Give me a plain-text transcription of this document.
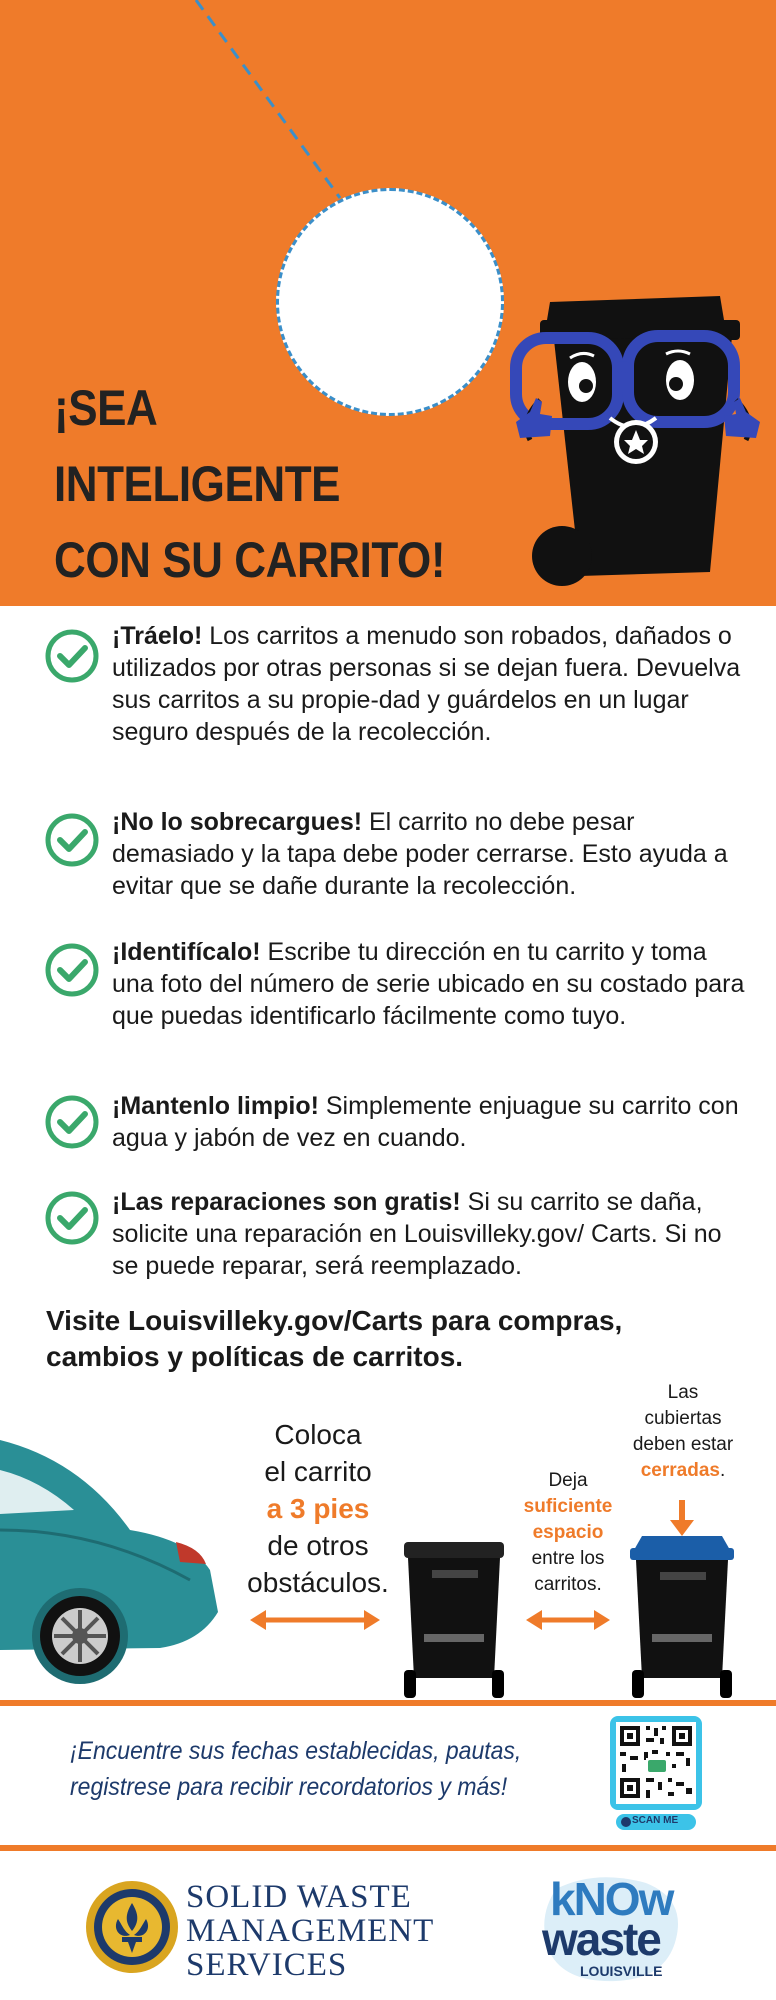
¡SEA
INTELIGENTE
CON SU CARRITO!
¡Tráelo! Los carritos a menudo son robados, dañados o utilizados por otras personas si se dejan fuera. Devuelva sus carritos a su propie-dad y guárdelos en un lugar seguro después de la recolección.
¡No lo sobrecargues! El carrito no debe pesar demasiado y la tapa debe poder cerrarse. Esto ayuda a evitar que se dañe durante la recolección.
¡Identifícalo! Escribe tu dirección en tu carrito y toma una foto del número de serie ubicado en su costado para que puedas identificarlo fácilmente como tuyo.
¡Mantenlo limpio! Simplemente enjuague su carrito con agua y jabón de vez en cuando.
¡Las reparaciones son gratis! Si su carrito se daña, solicite una reparación en Louisvilleky.gov/ Carts. Si no se puede reparar, será reemplazado.
Visite Louisvilleky.gov/Carts para compras,
cambios y políticas de carritos.
Coloca
el carrito
a 3 pies
de otros
obstáculos.
Deja
suficiente
espacio
entre los
carritos.
Las
cubiertas
deben estar
cerradas.
¡Encuentre sus fechas establecidas, pautas,
registrese para recibir recordatorios y más!
SCAN ME
SOLID WASTE
MANAGEMENT
SERVICES
kNOw
waste
LOUISVILLE
